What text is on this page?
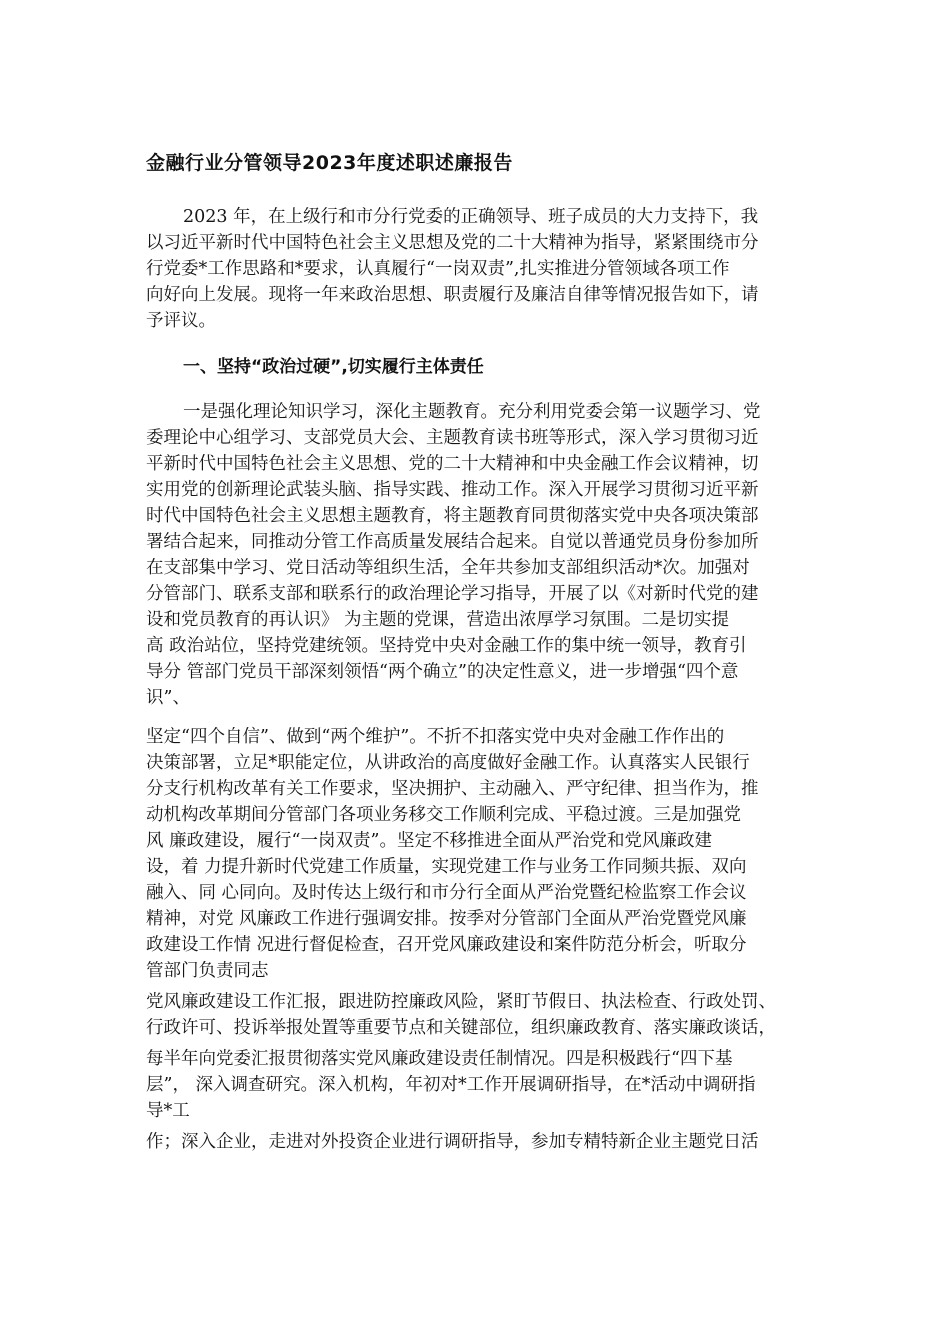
金融行业分管领导2023年度述职述廉报告
2023 年，在上级行和市分行党委的正确领导、班子成员的大力支持下，我
以习近平新时代中国特色社会主义思想及党的二十大精神为指导，紧紧围绕市分
行党委*工作思路和*要求，认真履行“一岗双责”,扎实推进分管领域各项工作
向好向上发展。现将一年来政治思想、职责履行及廉洁自律等情况报告如下，请
予评议。
一、坚持“政治过硬”,切实履行主体责任
一是强化理论知识学习，深化主题教育。充分利用党委会第一议题学习、党
委理论中心组学习、支部党员大会、主题教育读书班等形式，深入学习贯彻习近
平新时代中国特色社会主义思想、党的二十大精神和中央金融工作会议精神，切
实用党的创新理论武装头脑、指导实践、推动工作。深入开展学习贯彻习近平新
时代中国特色社会主义思想主题教育，将主题教育同贯彻落实党中央各项决策部
署结合起来，同推动分管工作高质量发展结合起来。自觉以普通党员身份参加所
在支部集中学习、党日活动等组织生活，全年共参加支部组织活动*次。加强对
分管部门、联系支部和联系行的政治理论学习指导，开展了以《对新时代党的建
设和党员教育的再认识》 为主题的党课，营造出浓厚学习氛围。二是切实提
高 政治站位，坚持党建统领。坚持党中央对金融工作的集中统一领导，教育引
导分 管部门党员干部深刻领悟“两个确立”的决定性意义，进一步增强“四个意
识”、
坚定“四个自信”、做到“两个维护”。不折不扣落实党中央对金融工作作出的
决策部署，立足*职能定位，从讲政治的高度做好金融工作。认真落实人民银行
分支行机构改革有关工作要求，坚决拥护、主动融入、严守纪律、担当作为，推
动机构改革期间分管部门各项业务移交工作顺利完成、平稳过渡。三是加强党
风 廉政建设，履行“一岗双责”。坚定不移推进全面从严治党和党风廉政建
设，着 力提升新时代党建工作质量，实现党建工作与业务工作同频共振、双向
融入、同 心同向。及时传达上级行和市分行全面从严治党暨纪检监察工作会议
精神，对党 风廉政工作进行强调安排。按季对分管部门全面从严治党暨党风廉
政建设工作情 况进行督促检查，召开党风廉政建设和案件防范分析会，听取分
管部门负责同志
党风廉政建设工作汇报，跟进防控廉政风险，紧盯节假日、执法检查、行政处罚、
行政许可、投诉举报处置等重要节点和关键部位，组织廉政教育、落实廉政谈话，
每半年向党委汇报贯彻落实党风廉政建设责任制情况。四是积极践行“四下基
层”， 深入调查研究。深入机构，年初对*工作开展调研指导，在*活动中调研指
导*工
作；深入企业，走进对外投资企业进行调研指导，参加专精特新企业主题党日活
